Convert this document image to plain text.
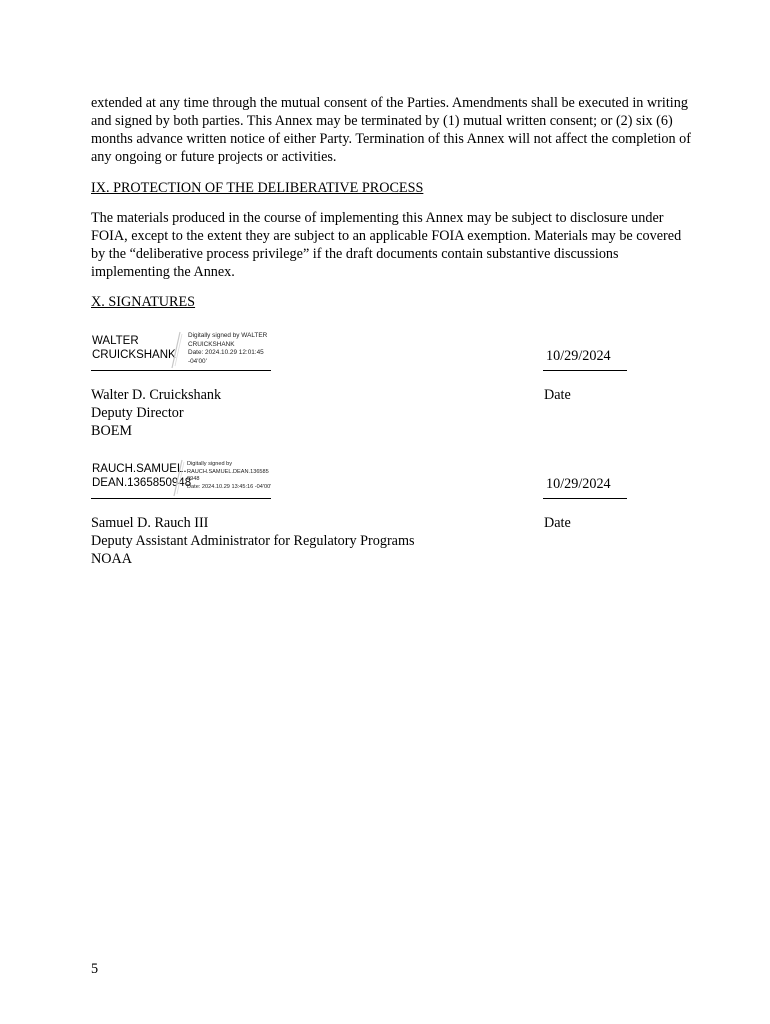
extended at any time through the mutual consent of the Parties. Amendments shall be executed in writing and signed by both parties. This Annex may be terminated by (1) mutual written consent; or (2) six (6) months advance written notice of either Party. Termination of this Annex will not affect the completion of any ongoing or future projects or activities.

IX. PROTECTION OF THE DELIBERATIVE PROCESS

The materials produced in the course of implementing this Annex may be subject to disclosure under FOIA, except to the extent they are subject to an applicable FOIA exemption. Materials may be covered by the “deliberative process privilege” if the draft documents contain substantive discussions implementing the Annex.

X. SIGNATURES

WALTER
CRUICKSHANK
Digitally signed by WALTER
CRUICKSHANK
Date: 2024.10.29 12:01:45
-04'00'	10/29/2024
Walter D. Cruickshank
Deputy Director
BOEM
Date
RAUCH.SAMUEL.
DEAN.1365850948
Digitally signed by
RAUCH.SAMUEL.DEAN.136585
0948
Date: 2024.10.29 13:45:16 -04'00'	10/29/2024
Samuel D. Rauch III
Deputy Assistant Administrator for Regulatory Programs
NOAA
Date
5
